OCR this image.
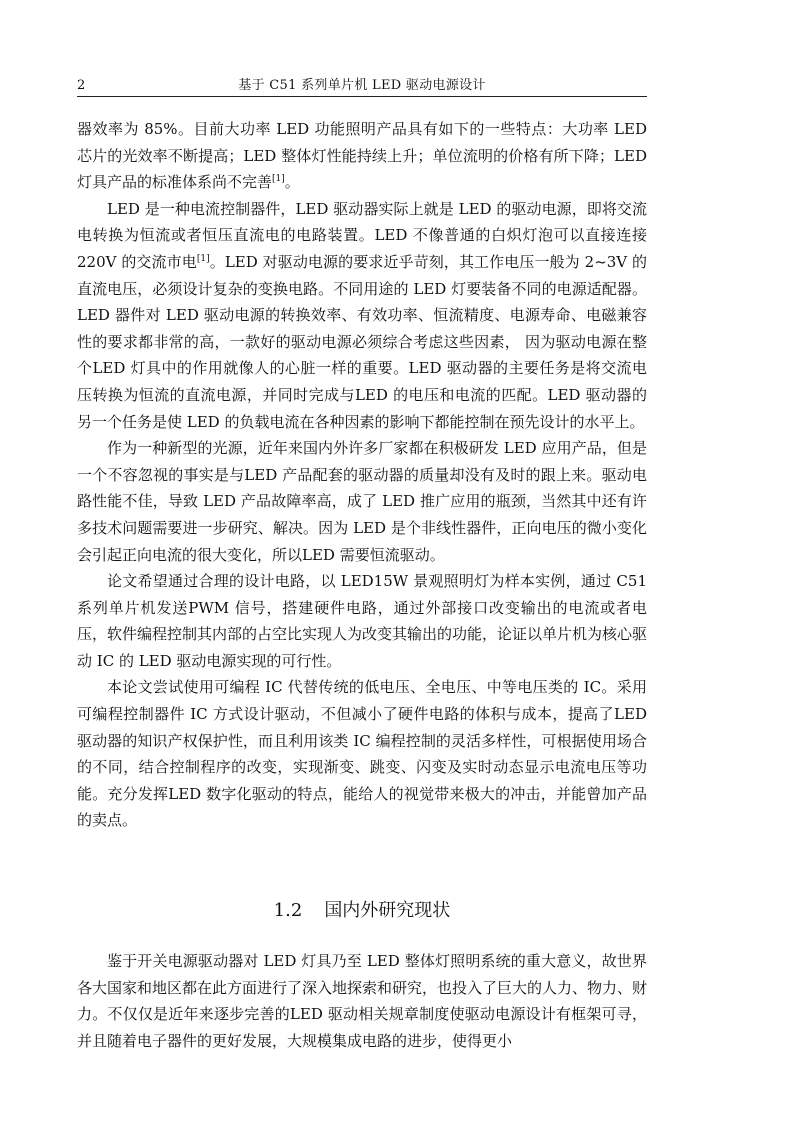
2	基于 C51 系列单片机 LED 驱动电源设计

器效率为 85%。目前大功率 LED 功能照明产品具有如下的一些特点：大功率 LED 芯片的光效率不断提高；LED 整体灯性能持续上升；单位流明的价格有所下降；LED 灯具产品的标准体系尚不完善[1]。

LED 是一种电流控制器件，LED 驱动器实际上就是 LED 的驱动电源，即将交流电转换为恒流或者恒压直流电的电路装置。LED 不像普通的白炽灯泡可以直接连接 220V 的交流市电[1]。LED 对驱动电源的要求近乎苛刻，其工作电压一般为 2~3V 的直流电压，必须设计复杂的变换电路。不同用途的 LED 灯要装备不同的电源适配器。LED 器件对 LED 驱动电源的转换效率、有效功率、恒流精度、电源寿命、电磁兼容性的要求都非常的高，一款好的驱动电源必须综合考虑这些因素， 因为驱动电源在整个LED 灯具中的作用就像人的心脏一样的重要。LED 驱动器的主要任务是将交流电压转换为恒流的直流电源，并同时完成与LED 的电压和电流的匹配。LED 驱动器的另一个任务是使 LED 的负载电流在各种因素的影响下都能控制在预先设计的水平上。

作为一种新型的光源，近年来国内外许多厂家都在积极研发 LED 应用产品，但是一个不容忽视的事实是与LED 产品配套的驱动器的质量却没有及时的跟上来。驱动电路性能不佳，导致 LED 产品故障率高，成了 LED 推广应用的瓶颈，当然其中还有许多技术问题需要进一步研究、解决。因为 LED 是个非线性器件，正向电压的微小变化会引起正向电流的很大变化，所以LED 需要恒流驱动。

论文希望通过合理的设计电路，以 LED15W 景观照明灯为样本实例，通过 C51 系列单片机发送PWM 信号，搭建硬件电路，通过外部接口改变输出的电流或者电压，软件编程控制其内部的占空比实现人为改变其输出的功能，论证以单片机为核心驱动 IC 的 LED 驱动电源实现的可行性。

本论文尝试使用可编程 IC 代替传统的低电压、全电压、中等电压类的 IC。采用可编程控制器件 IC 方式设计驱动，不但减小了硬件电路的体积与成本，提高了LED 驱动器的知识产权保护性，而且利用该类 IC 编程控制的灵活多样性，可根据使用场合的不同，结合控制程序的改变，实现渐变、跳变、闪变及实时动态显示电流电压等功能。充分发挥LED 数字化驱动的特点，能给人的视觉带来极大的冲击，并能曾加产品的卖点。

1.2 国内外研究现状

鉴于开关电源驱动器对 LED 灯具乃至 LED 整体灯照明系统的重大意义，故世界各大国家和地区都在此方面进行了深入地探索和研究，也投入了巨大的人力、物力、财力。不仅仅是近年来逐步完善的LED 驱动相关规章制度使驱动电源设计有框架可寻，并且随着电子器件的更好发展，大规模集成电路的进步，使得更小
